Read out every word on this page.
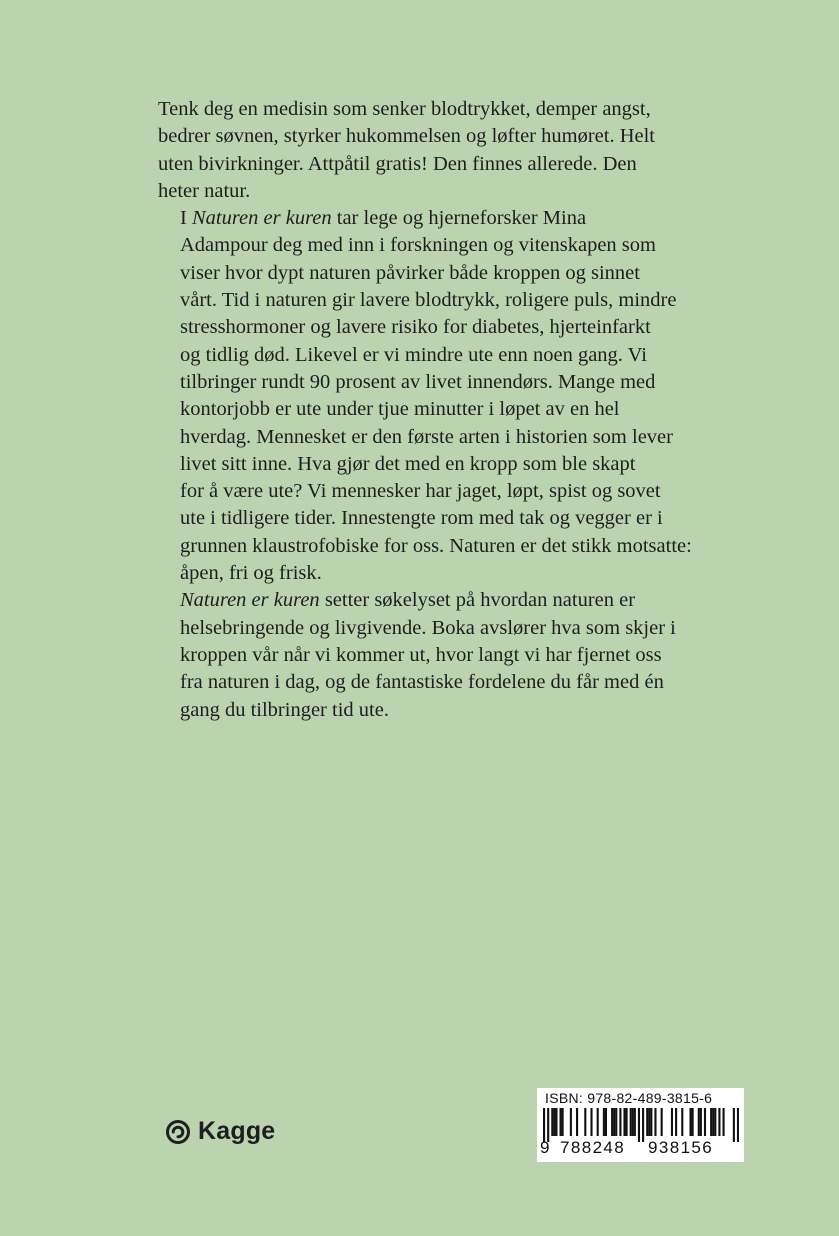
Tenk deg en medisin som senker blodtrykket, demper angst,
bedrer søvnen, styrker hukommelsen og løfter humøret. Helt
uten bivirkninger. Attpåtil gratis! Den finnes allerede. Den
heter natur.

I Naturen er kuren tar lege og hjerneforsker Mina
Adampour deg med inn i forskningen og vitenskapen som
viser hvor dypt naturen påvirker både kroppen og sinnet
vårt. Tid i naturen gir lavere blodtrykk, roligere puls, mindre
stresshormoner og lavere risiko for diabetes, hjerteinfarkt
og tidlig død. Likevel er vi mindre ute enn noen gang. Vi
tilbringer rundt 90 prosent av livet innendørs. Mange med
kontorjobb er ute under tjue minutter i løpet av en hel
hverdag. Mennesket er den første arten i historien som lever
livet sitt inne. Hva gjør det med en kropp som ble skapt
for å være ute? Vi mennesker har jaget, løpt, spist og sovet
ute i tidligere tider. Innestengte rom med tak og vegger er i
grunnen klaustrofobiske for oss. Naturen er det stikk motsatte:
åpen, fri og frisk.

Naturen er kuren setter søkelyset på hvordan naturen er
helsebringende og livgivende. Boka avslører hva som skjer i
kroppen vår når vi kommer ut, hvor langt vi har fjernet oss
fra naturen i dag, og de fantastiske fordelene du får med én
gang du tilbringer tid ute.

Kagge
ISBN: 978-82-489-3815-6
9 788248 938156
